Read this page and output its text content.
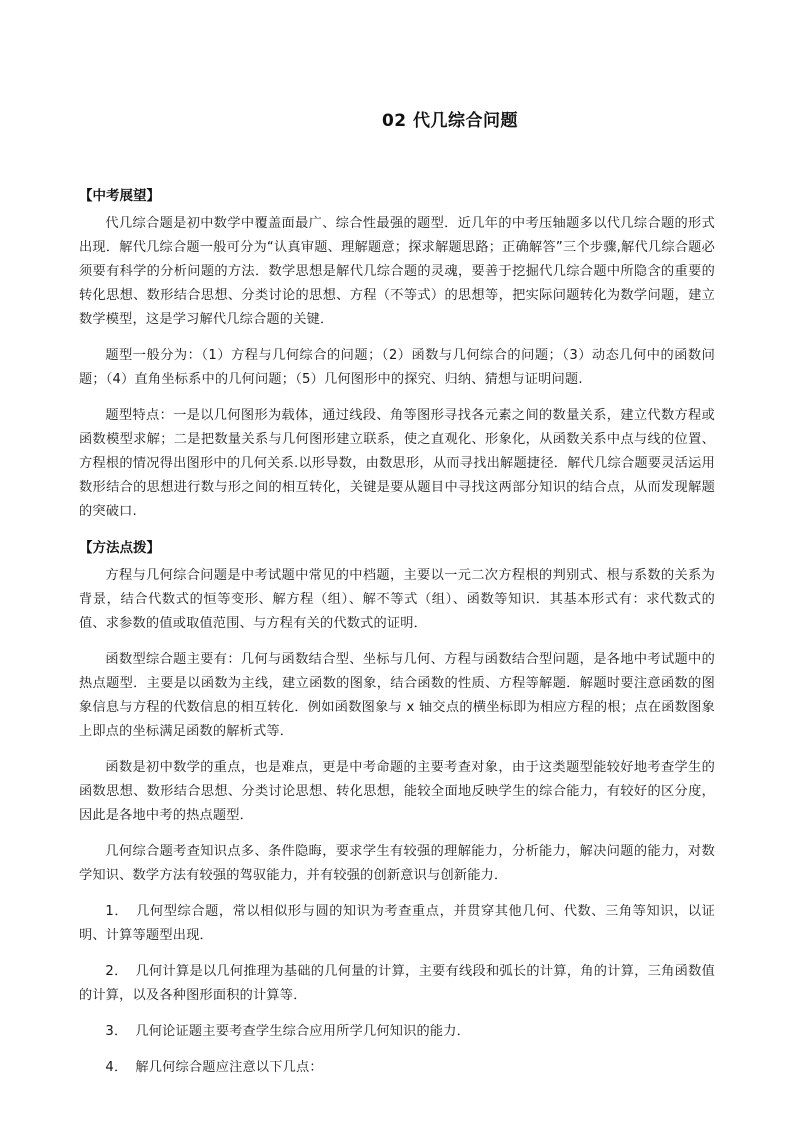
02 代几综合问题
【中考展望】

代几综合题是初中数学中覆盖面最广、综合性最强的题型．近几年的中考压轴题多以代几综合题的形式出现．解代几综合题一般可分为“认真审题、理解题意；探求解题思路；正确解答”三个步骤,解代几综合题必须要有科学的分析问题的方法．数学思想是解代几综合题的灵魂，要善于挖掘代几综合题中所隐含的重要的转化思想、数形结合思想、分类讨论的思想、方程（不等式）的思想等，把实际问题转化为数学问题，建立数学模型，这是学习解代几综合题的关键．

题型一般分为：（1）方程与几何综合的问题；（2）函数与几何综合的问题；（3）动态几何中的函数问题；（4）直角坐标系中的几何问题；（5）几何图形中的探究、归纳、猜想与证明问题.

题型特点：一是以几何图形为载体，通过线段、角等图形寻找各元素之间的数量关系，建立代数方程或函数模型求解；二是把数量关系与几何图形建立联系，使之直观化、形象化，从函数关系中点与线的位置、方程根的情况得出图形中的几何关系.以形导数，由数思形，从而寻找出解题捷径．解代几综合题要灵活运用数形结合的思想进行数与形之间的相互转化，关键是要从题目中寻找这两部分知识的结合点，从而发现解题的突破口.

【方法点拨】

方程与几何综合问题是中考试题中常见的中档题，主要以一元二次方程根的判别式、根与系数的关系为背景，结合代数式的恒等变形、解方程（组）、解不等式（组）、函数等知识．其基本形式有：求代数式的值、求参数的值或取值范围、与方程有关的代数式的证明．

函数型综合题主要有：几何与函数结合型、坐标与几何、方程与函数结合型问题，是各地中考试题中的热点题型．主要是以函数为主线，建立函数的图象，结合函数的性质、方程等解题．解题时要注意函数的图象信息与方程的代数信息的相互转化．例如函数图象与 x 轴交点的横坐标即为相应方程的根；点在函数图象上即点的坐标满足函数的解析式等．

函数是初中数学的重点，也是难点，更是中考命题的主要考查对象，由于这类题型能较好地考查学生的函数思想、数形结合思想、分类讨论思想、转化思想，能较全面地反映学生的综合能力，有较好的区分度，因此是各地中考的热点题型．

几何综合题考查知识点多、条件隐晦，要求学生有较强的理解能力，分析能力，解决问题的能力，对数学知识、数学方法有较强的驾驭能力，并有较强的创新意识与创新能力．

1． 几何型综合题，常以相似形与圆的知识为考查重点，并贯穿其他几何、代数、三角等知识，以证明、计算等题型出现．

2． 几何计算是以几何推理为基础的几何量的计算，主要有线段和弧长的计算，角的计算，三角函数值的计算，以及各种图形面积的计算等．

3． 几何论证题主要考查学生综合应用所学几何知识的能力．

4． 解几何综合题应注意以下几点：
